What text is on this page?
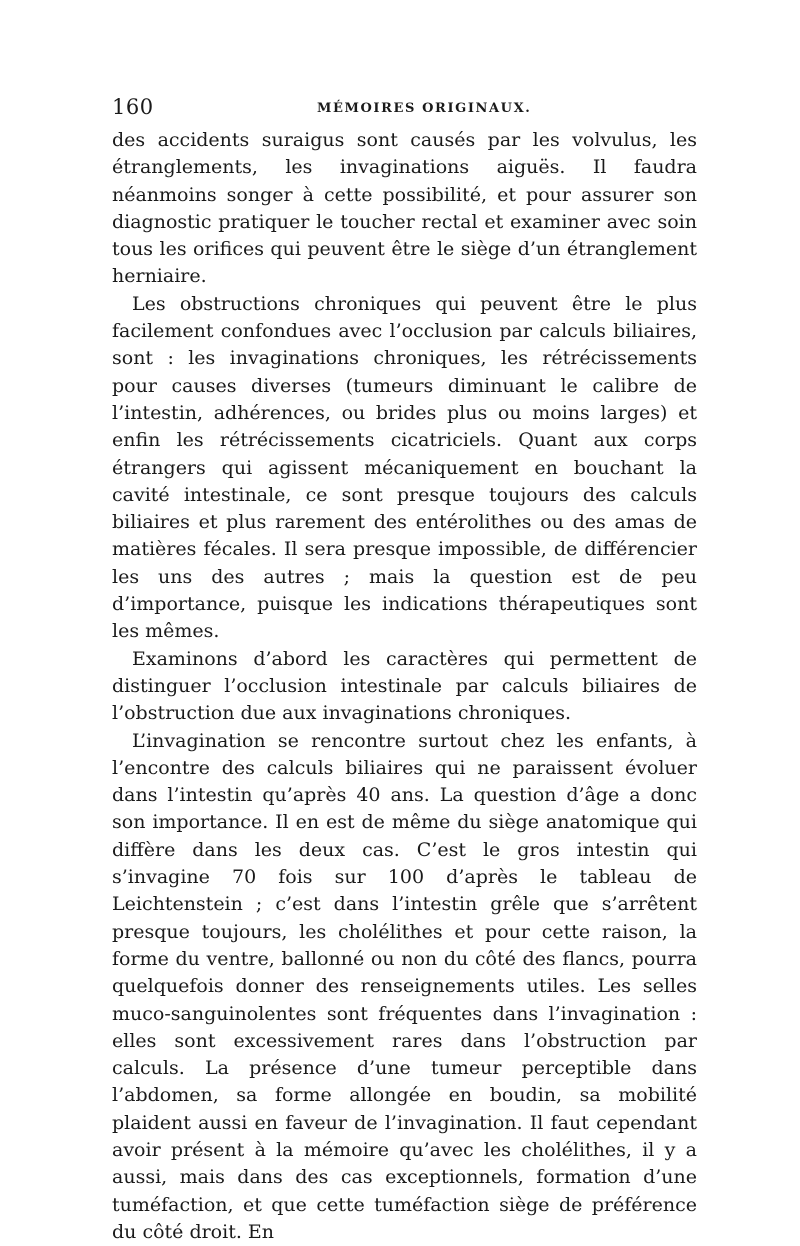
160	MÉMOIRES ORIGINAUX.

des accidents suraigus sont causés par les volvulus, les étranglements, les invaginations aiguës. Il faudra néanmoins songer à cette possibilité, et pour assurer son diagnostic pratiquer le toucher rectal et examiner avec soin tous les orifices qui peuvent être le siège d’un étranglement herniaire.

Les obstructions chroniques qui peuvent être le plus facilement confondues avec l’occlusion par calculs biliaires, sont : les invaginations chroniques, les rétrécissements pour causes diverses (tumeurs diminuant le calibre de l’intestin, adhérences, ou brides plus ou moins larges) et enfin les rétrécissements cicatriciels. Quant aux corps étrangers qui agissent mécaniquement en bouchant la cavité intestinale, ce sont presque toujours des calculs biliaires et plus rarement des entérolithes ou des amas de matières fécales. Il sera presque impossible, de différencier les uns des autres ; mais la question est de peu d’importance, puisque les indications thérapeutiques sont les mêmes.

Examinons d’abord les caractères qui permettent de distinguer l’occlusion intestinale par calculs biliaires de l’obstruction due aux invaginations chroniques.

L’invagination se rencontre surtout chez les enfants, à l’encontre des calculs biliaires qui ne paraissent évoluer dans l’intestin qu’après 40 ans. La question d’âge a donc son importance. Il en est de même du siège anatomique qui diffère dans les deux cas. C’est le gros intestin qui s’invagine 70 fois sur 100 d’après le tableau de Leichtenstein ; c’est dans l’intestin grêle que s’arrêtent presque toujours, les cholélithes et pour cette raison, la forme du ventre, ballonné ou non du côté des flancs, pourra quelquefois donner des renseignements utiles. Les selles muco-sanguinolentes sont fréquentes dans l’invagination : elles sont excessivement rares dans l’obstruction par calculs. La présence d’une tumeur perceptible dans l’abdomen, sa forme allongée en boudin, sa mobilité plaident aussi en faveur de l’invagination. Il faut cependant avoir présent à la mémoire qu’avec les cholélithes, il y a aussi, mais dans des cas exceptionnels, formation d’une tuméfaction, et que cette tuméfaction siège de préférence du côté droit. En
